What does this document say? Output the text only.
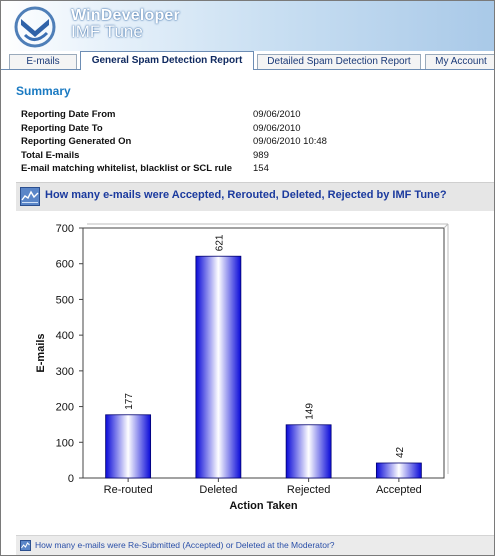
WinDeveloper
IMF Tune
E-mails	General Spam Detection Report	Detailed Spam Detection Report	My Account
Summary
Reporting Date From	09/06/2010
Reporting Date To	09/06/2010
Reporting Generated On	09/06/2010 10:48
Total E-mails	989
E-mail matching whitelist, blacklist or SCL rule	154
How many e-mails were Accepted, Rerouted, Deleted, Rejected by IMF Tune?
0
100
200
300
400
500
600
700
177
Re-routed
621
Deleted
149
Rejected
42
Accepted
Action Taken
E-mails
How many e-mails were Re-Submitted (Accepted) or Deleted at the Moderator?
